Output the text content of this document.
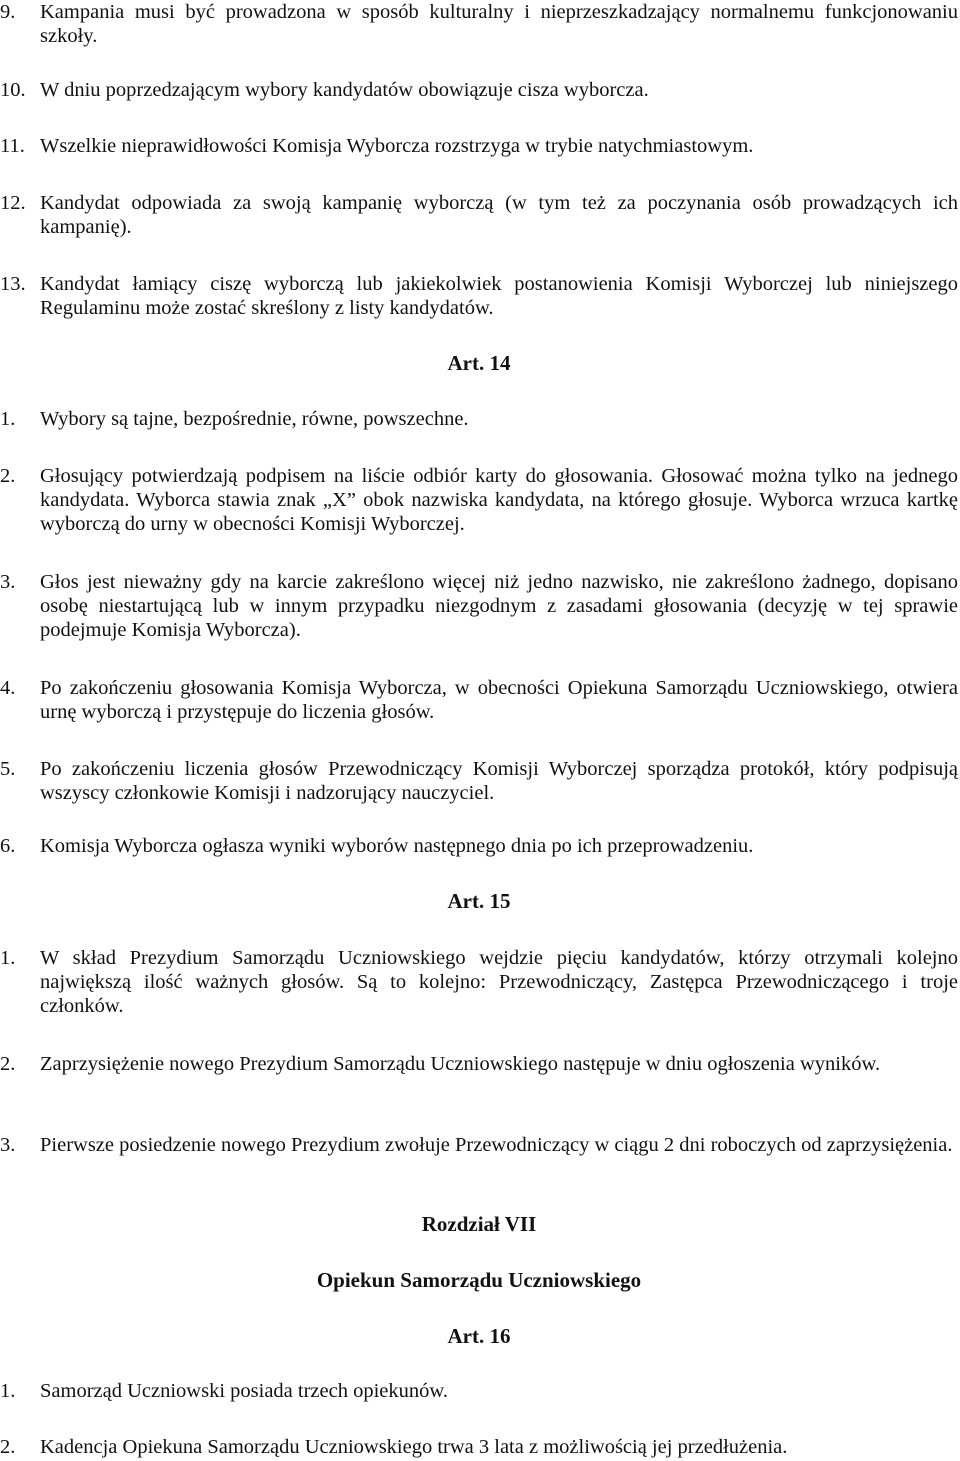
9. Kampania musi być prowadzona w sposób kulturalny i nieprzeszkadzający normalnemu funkcjonowaniu szkoły.
10. W dniu poprzedzającym wybory kandydatów obowiązuje cisza wyborcza.
11. Wszelkie nieprawidłowości Komisja Wyborcza rozstrzyga w trybie natychmiastowym.
12. Kandydat odpowiada za swoją kampanię wyborczą (w tym też za poczynania osób prowadzących ich kampanię).
13. Kandydat łamiący ciszę wyborczą lub jakiekolwiek postanowienia Komisji Wyborczej lub niniejszego Regulaminu może zostać skreślony z listy kandydatów.
Art. 14
1. Wybory są tajne, bezpośrednie, równe, powszechne.
2. Głosujący potwierdzają podpisem na liście odbiór karty do głosowania. Głosować można tylko na jednego kandydata. Wyborca stawia znak „X” obok nazwiska kandydata, na którego głosuje. Wyborca wrzuca kartkę wyborczą do urny w obecności Komisji Wyborczej.
3. Głos jest nieważny gdy na karcie zakreślono więcej niż jedno nazwisko, nie zakreślono żadnego, dopisano osobę niestartującą lub w innym przypadku niezgodnym z zasadami głosowania (decyzję w tej sprawie podejmuje Komisja Wyborcza).
4. Po zakończeniu głosowania Komisja Wyborcza, w obecności Opiekuna Samorządu Uczniowskiego, otwiera urnę wyborczą i przystępuje do liczenia głosów.
5. Po zakończeniu liczenia głosów Przewodniczący Komisji Wyborczej sporządza protokół, który podpisują wszyscy członkowie Komisji i nadzorujący nauczyciel.
6. Komisja Wyborcza ogłasza wyniki wyborów następnego dnia po ich przeprowadzeniu.
Art. 15
1. W skład Prezydium Samorządu Uczniowskiego wejdzie pięciu kandydatów, którzy otrzymali kolejno największą ilość ważnych głosów. Są to kolejno: Przewodniczący, Zastępca Przewodniczącego i troje członków.
2. Zaprzysiężenie nowego Prezydium Samorządu Uczniowskiego następuje w dniu ogłoszenia wyników.
3. Pierwsze posiedzenie nowego Prezydium zwołuje Przewodniczący w ciągu 2 dni roboczych od zaprzysiężenia.
Rozdział VII
Opiekun Samorządu Uczniowskiego
Art. 16
1. Samorząd Uczniowski posiada trzech opiekunów.
2. Kadencja Opiekuna Samorządu Uczniowskiego trwa 3 lata z możliwością jej przedłużenia.
